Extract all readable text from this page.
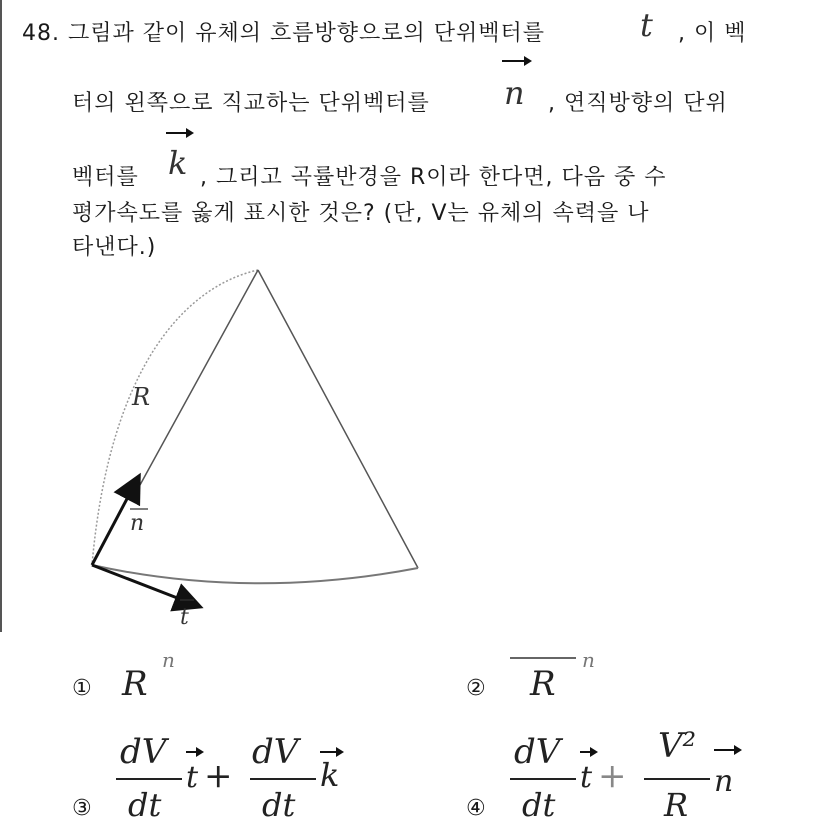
48. 그림과 같이 유체의 흐름방향으로의 단위벡터를	t , 이 벡
터의 왼쪽으로 직교하는 단위벡터를 n , 연직방향의 단위
벡터를 k , 그리고 곡률반경을 R이라 한다면, 다음 중 수
평가속도를 옳게 표시한 것은? (단, V는 유체의 속력을 나
타낸다.)
R
n
t
① R
n
② R
n
③
dV
dt
t +
dV
dt
k
④
dV
dt
t +
V²
R
n
